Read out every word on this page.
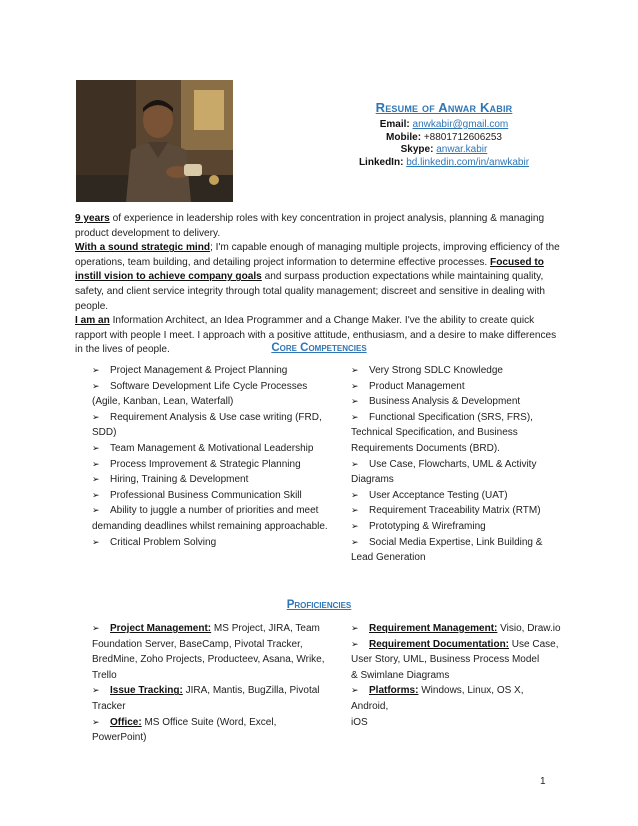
Resume of Anwar Kabir
Email: anwkabir@gmail.com
Mobile: +8801712606253
Skype: anwar.kabir
LinkedIn: bd.linkedin.com/in/anwkabir
9 years of experience in leadership roles with key concentration in project analysis, planning & managing product development to delivery.
With a sound strategic mind; I'm capable enough of managing multiple projects, improving efficiency of the operations, team building, and detailing project information to determine effective processes. Focused to instill vision to achieve company goals and surpass production expectations while maintaining quality, safety, and client service integrity through total quality management; discreet and sensitive in dealing with people.
I am an Information Architect, an Idea Programmer and a Change Maker. I've the ability to create quick rapport with people I meet. I approach with a positive attitude, enthusiasm, and a desire to make differences in the lives of people.	Core Competencies
➢ Project Management & Project Planning
➢ Software Development Life Cycle Processes
(Agile, Kanban, Lean, Waterfall)
➢ Requirement Analysis & Use case writing (FRD,
SDD)
➢ Team Management & Motivational Leadership
➢ Process Improvement & Strategic Planning
➢ Hiring, Training & Development
➢ Professional Business Communication Skill
➢ Ability to juggle a number of priorities and meet
demanding deadlines whilst remaining approachable.
➢ Critical Problem Solving
➢ Very Strong SDLC Knowledge
➢ Product Management
➢ Business Analysis & Development
➢ Functional Specification (SRS, FRS),
Technical Specification, and Business
Requirements Documents (BRD).
➢ Use Case, Flowcharts, UML & Activity
Diagrams
➢ User Acceptance Testing (UAT)
➢ Requirement Traceability Matrix (RTM)
➢ Prototyping & Wireframing
➢ Social Media Expertise, Link Building &
Lead Generation
Proficiencies
➢ Project Management: MS Project, JIRA, Team
Foundation Server, BaseCamp, Pivotal Tracker,
BredMine, Zoho Projects, Producteev, Asana, Wrike,
Trello
➢ Issue Tracking: JIRA, Mantis, BugZilla, Pivotal
Tracker
➢ Office: MS Office Suite (Word, Excel,
PowerPoint)
➢ Requirement Management: Visio, Draw.io
➢ Requirement Documentation: Use Case,
User Story, UML, Business Process Model
& Swimlane Diagrams
➢ Platforms: Windows, Linux, OS X, Android,
iOS
1
